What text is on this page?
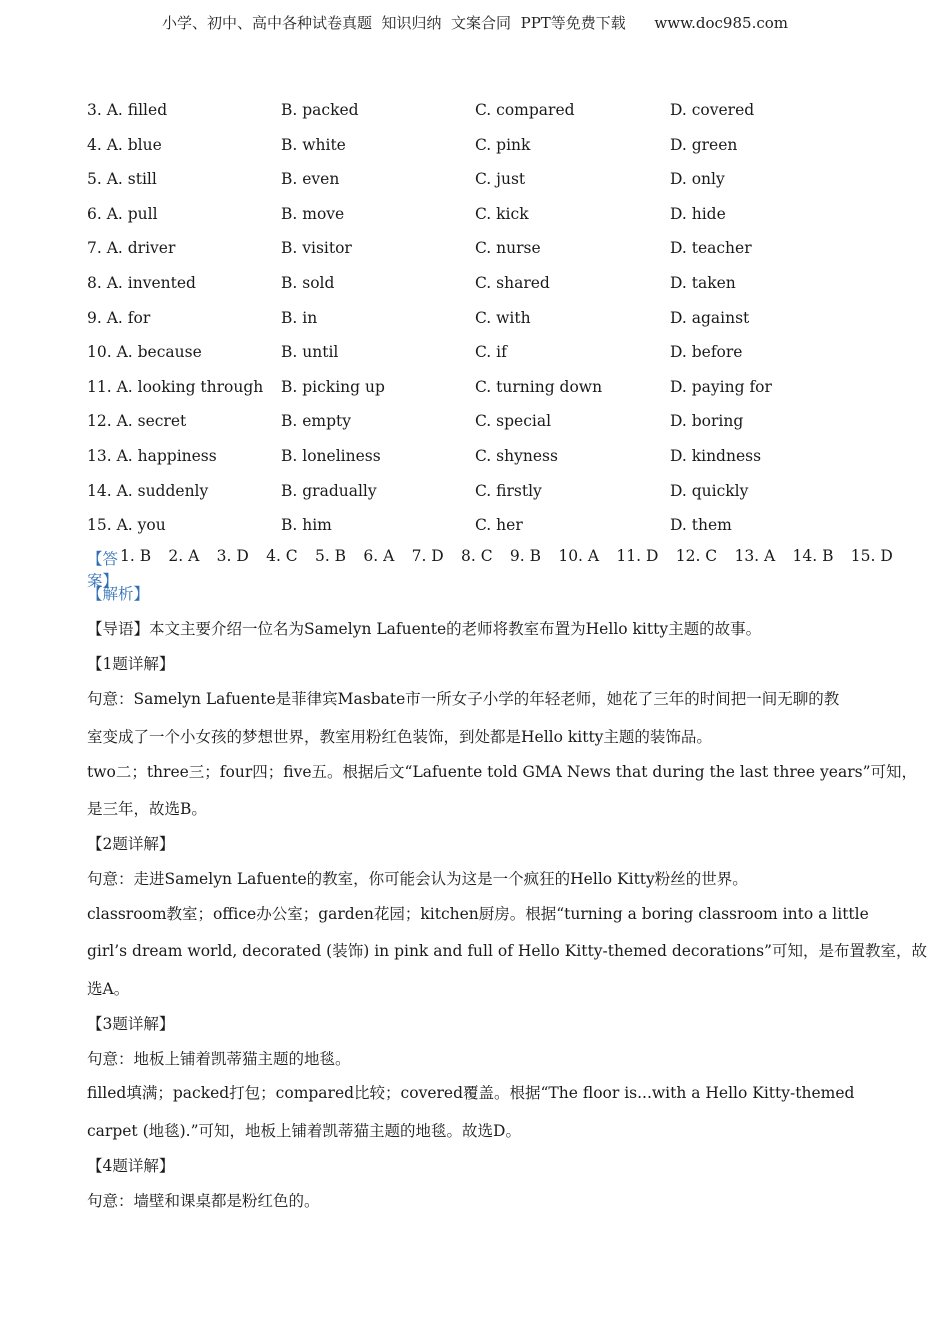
小学、初中、高中各种试卷真题  知识归纳  文案合同  PPT等免费下载      www.doc985.com
3. A. filled	B. packed	C. compared	D. covered
4. A. blue	B. white	C. pink	D. green
5. A. still	B. even	C. just	D. only
6. A. pull	B. move	C. kick	D. hide
7. A. driver	B. visitor	C. nurse	D. teacher
8. A. invented	B. sold	C. shared	D. taken
9. A. for	B. in	C. with	D. against
10. A. because	B. until	C. if	D. before
11. A. looking through	B. picking up	C. turning down	D. paying for
12. A. secret	B. empty	C. special	D. boring
13. A. happiness	B. loneliness	C. shyness	D. kindness
14. A. suddenly	B. gradually	C. firstly	D. quickly
15. A. you	B. him	C. her	D. them
【答案】
1. B 2. A 3. D 4. C 5. B 6. A 7. D 8. C 9. B 10. A 11. D 12. C 13. A 14. B 15. D

【解析】

【导语】本文主要介绍一位名为Samelyn Lafuente的老师将教室布置为Hello kitty主题的故事。

【1题详解】

句意：Samelyn Lafuente是菲律宾Masbate市一所女子小学的年轻老师，她花了三年的时间把一间无聊的教

室变成了一个小女孩的梦想世界，教室用粉红色装饰，到处都是Hello kitty主题的装饰品。

two二；three三；four四；five五。根据后文“Lafuente told GMA News that during the last three years”可知，

是三年，故选B。

【2题详解】

句意：走进Samelyn Lafuente的教室，你可能会认为这是一个疯狂的Hello Kitty粉丝的世界。

classroom教室；office办公室；garden花园；kitchen厨房。根据“turning a boring classroom into a little

girl’s dream world, decorated (装饰) in pink and full of Hello Kitty-themed decorations”可知，是布置教室，故

选A。

【3题详解】

句意：地板上铺着凯蒂猫主题的地毯。

filled填满；packed打包；compared比较；covered覆盖。根据“The floor is...with a Hello Kitty-themed

carpet (地毯).”可知，地板上铺着凯蒂猫主题的地毯。故选D。

【4题详解】

句意：墙壁和课桌都是粉红色的。
